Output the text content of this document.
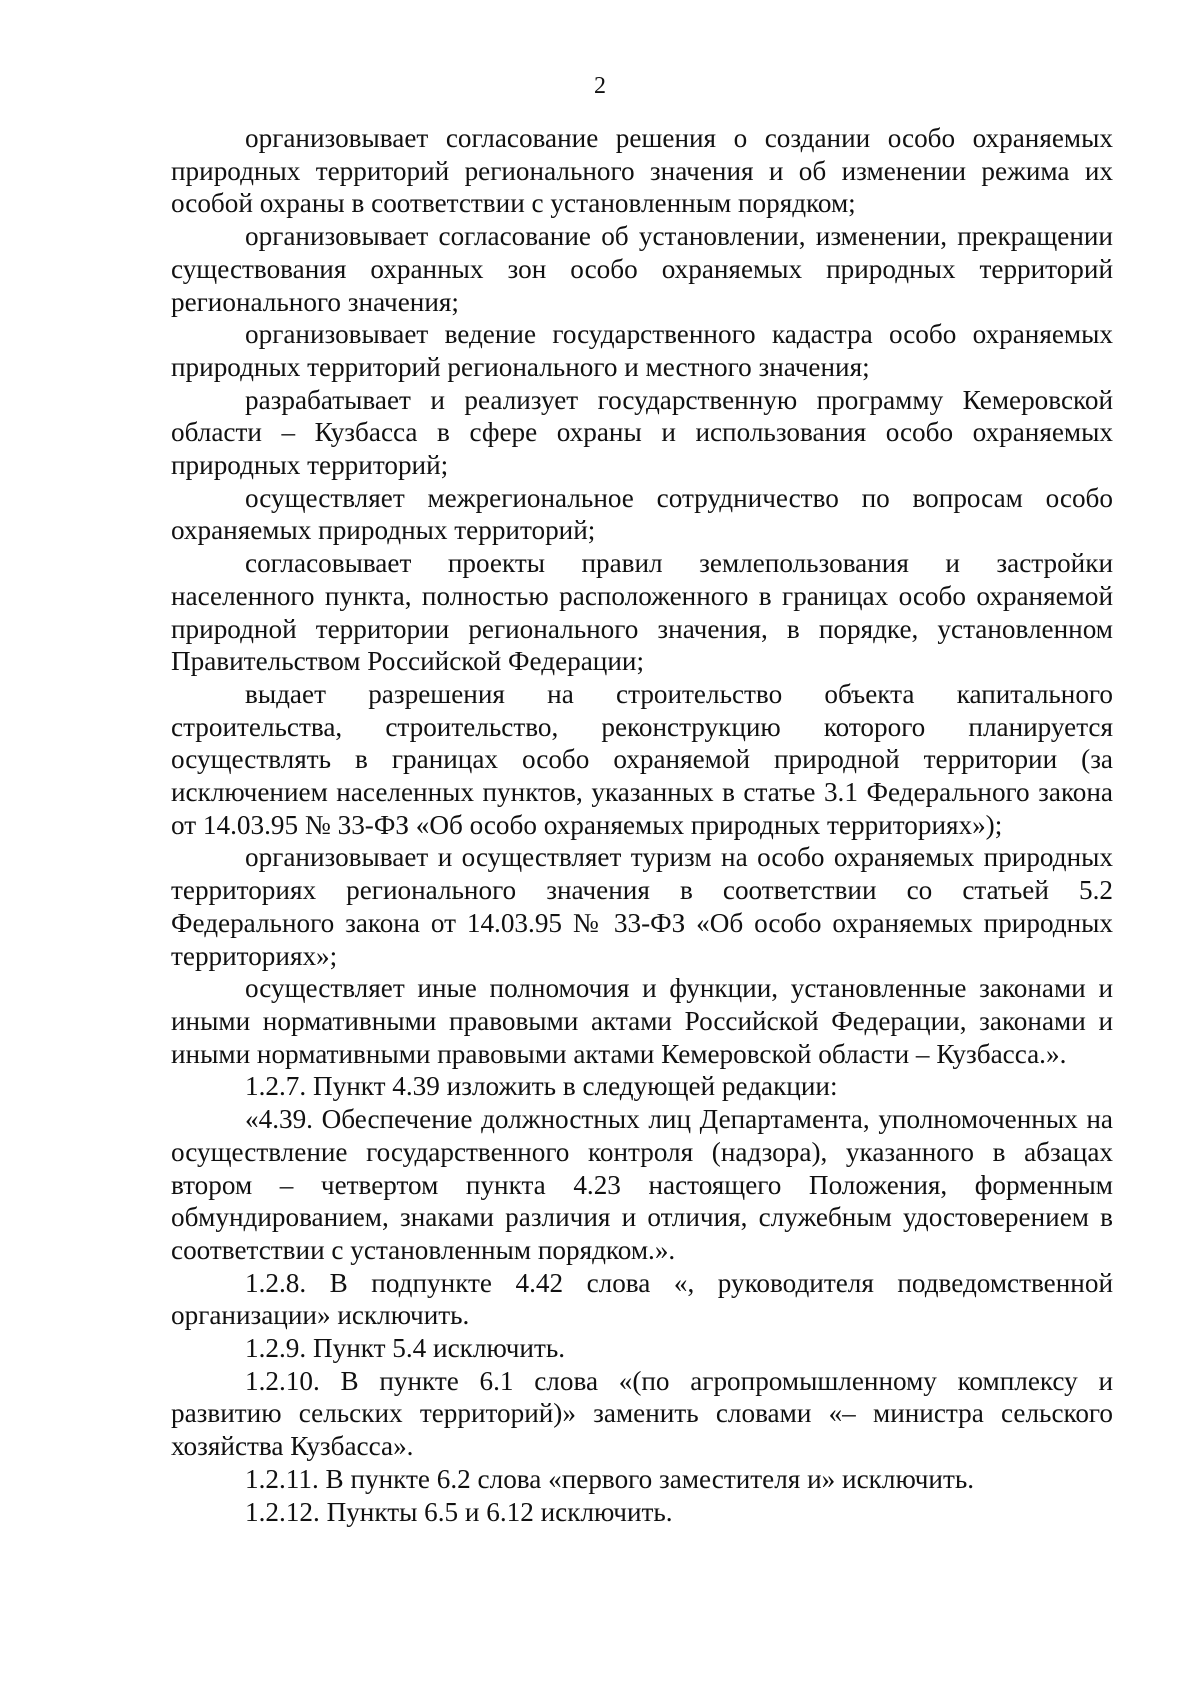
2

организовывает согласование решения о создании особо охраняемых природных территорий регионального значения и об изменении режима их особой охраны в соответствии с установленным порядком;

организовывает согласование об установлении, изменении, прекращении существования охранных зон особо охраняемых природных территорий регионального значения;

организовывает ведение государственного кадастра особо охраняемых природных территорий регионального и местного значения;

разрабатывает и реализует государственную программу Кемеровской области – Кузбасса в сфере охраны и использования особо охраняемых природных территорий;

осуществляет межрегиональное сотрудничество по вопросам особо охраняемых природных территорий;

согласовывает проекты правил землепользования и застройки населенного пункта, полностью расположенного в границах особо охраняемой природной территории регионального значения, в порядке, установленном Правительством Российской Федерации;

выдает разрешения на строительство объекта капитального строительства, строительство, реконструкцию которого планируется осуществлять в границах особо охраняемой природной территории (за исключением населенных пунктов, указанных в статье 3.1 Федерального закона от 14.03.95 № 33-ФЗ «Об особо охраняемых природных территориях»);

организовывает и осуществляет туризм на особо охраняемых природных территориях регионального значения в соответствии со статьей 5.2 Федерального закона от 14.03.95 № 33-ФЗ «Об особо охраняемых природных территориях»;

осуществляет иные полномочия и функции, установленные законами и иными нормативными правовыми актами Российской Федерации, законами и иными нормативными правовыми актами Кемеровской области – Кузбасса.».

1.2.7. Пункт 4.39 изложить в следующей редакции:

«4.39. Обеспечение должностных лиц Департамента, уполномоченных на осуществление государственного контроля (надзора), указанного в абзацах втором – четвертом пункта 4.23 настоящего Положения, форменным обмундированием, знаками различия и отличия, служебным удостоверением в соответствии с установленным порядком.».

1.2.8. В подпункте 4.42 слова «, руководителя подведомственной организации» исключить.

1.2.9. Пункт 5.4 исключить.

1.2.10. В пункте 6.1 слова «(по агропромышленному комплексу и развитию сельских территорий)» заменить словами «– министра сельского хозяйства Кузбасса».

1.2.11. В пункте 6.2 слова «первого заместителя и» исключить.

1.2.12. Пункты 6.5 и 6.12 исключить.
